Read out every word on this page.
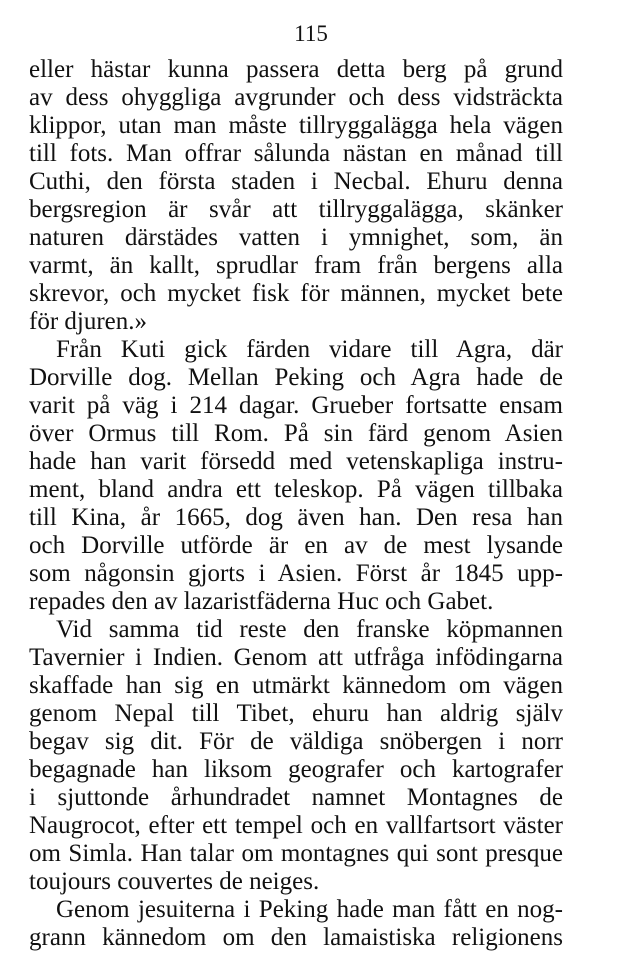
115
eller hästar kunna passera detta berg på grund
av dess ohyggliga avgrunder och dess vidsträckta
klippor, utan man måste tillryggalägga hela vägen
till fots. Man offrar sålunda nästan en månad till
Cuthi, den första staden i Necbal. Ehuru denna
bergsregion är svår att tillryggalägga, skänker
naturen därstädes vatten i ymnighet, som, än
varmt, än kallt, sprudlar fram från bergens alla
skrevor, och mycket fisk för männen, mycket bete
för djuren.»
Från Kuti gick färden vidare till Agra, där
Dorville dog. Mellan Peking och Agra hade de
varit på väg i 214 dagar. Grueber fortsatte ensam
över Ormus till Rom. På sin färd genom Asien
hade han varit försedd med vetenskapliga instru-
ment, bland andra ett teleskop. På vägen tillbaka
till Kina, år 1665, dog även han. Den resa han
och Dorville utförde är en av de mest lysande
som någonsin gjorts i Asien. Först år 1845 upp-
repades den av lazaristfäderna Huc och Gabet.
Vid samma tid reste den franske köpmannen
Tavernier i Indien. Genom att utfråga infödingarna
skaffade han sig en utmärkt kännedom om vägen
genom Nepal till Tibet, ehuru han aldrig själv
begav sig dit. För de väldiga snöbergen i norr
begagnade han liksom geografer och kartografer
i sjuttonde århundradet namnet Montagnes de
Naugrocot, efter ett tempel och en vallfartsort väster
om Simla. Han talar om montagnes qui sont presque
toujours couvertes de neiges.
Genom jesuiterna i Peking hade man fått en nog-
grann kännedom om den lamaistiska religionens
